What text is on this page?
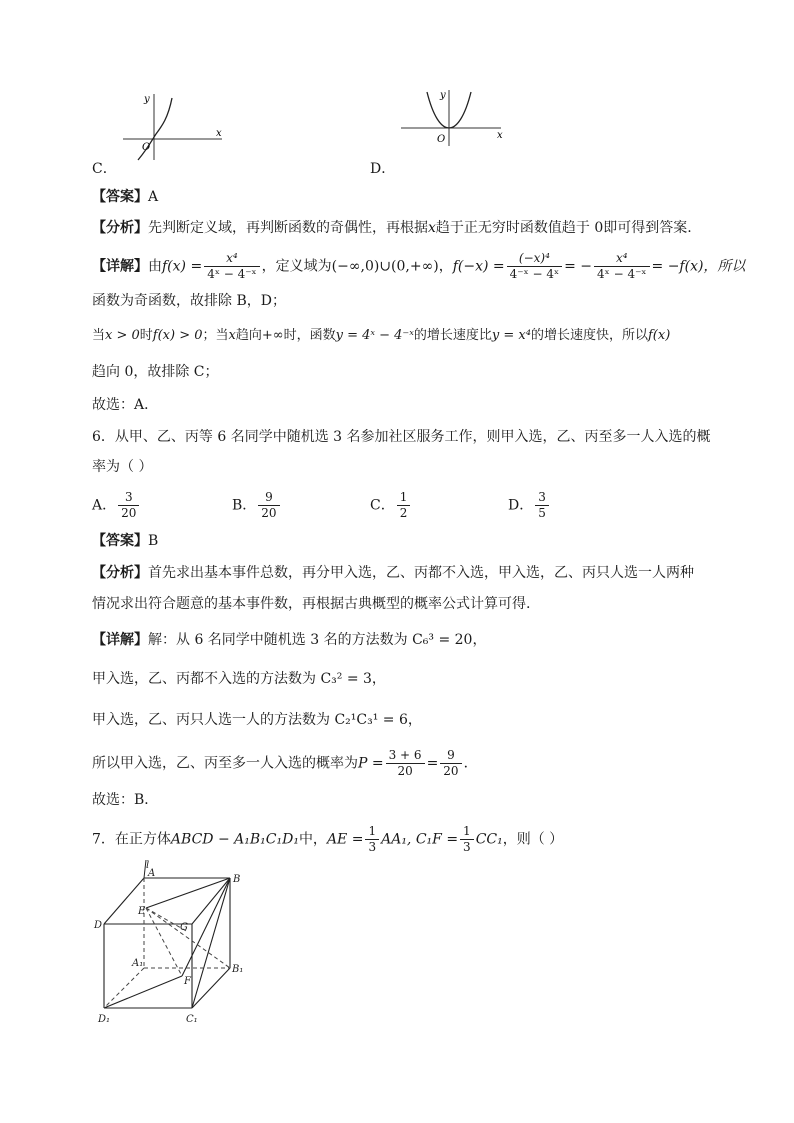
y
x
O
C．
y
x
O
D．
【答案】A
【分析】先判断定义域，再判断函数的奇偶性，再根据x趋于正无穷时函数值趋于 0即可得到答案.
【详解】由$f(x) = \frac{\text{x⁴}}{\text{4ˣ − 4⁻ˣ}}$ ，定义域为(−∞,0)∪(0,+∞)，$f(-x) = \frac{\text{(−x)⁴}}{\text{4⁻ˣ − 4ˣ}}$ = − $\frac{\text{x⁴}}{\text{4ˣ − 4⁻ˣ}} = -f(x)$，所以
函数为奇函数，故排除 B，D；
当x > 0时f(x) > 0；当x趋向+∞时，函数y = 4ˣ − 4⁻ˣ的增长速度比y = x⁴的增长速度快，所以f(x)
趋向 0，故排除 C；
故选：A．
6．从甲、乙、丙等 6 名同学中随机选 3 名参加社区服务工作，则甲入选，乙、丙至多一人入选的概
率为（ ）
A． $\frac{3}{20}$	B． $\frac{9}{20}$	C． $\frac{1}{2}$	D． $\frac{3}{5}$
【答案】B
【分析】首先求出基本事件总数，再分甲入选，乙、丙都不入选，甲入选，乙、丙只人选一人两种
情况求出符合题意的基本事件数，再根据古典概型的概率公式计算可得.
【详解】解：从 6 名同学中随机选 3 名的方法数为 C₆³ = 20，
甲入选，乙、丙都不入选的方法数为 C₃² = 3，
甲入选，乙、丙只人选一人的方法数为 C₂¹C₃¹ = 6，
所以甲入选，乙、丙至多一人入选的概率为$P = \frac{3 + 6}{20} = \frac{9}{20}$ ．
故选：B．
7．在正方体ABCD − A₁B₁C₁D₁中，AE = $\frac{1}{3} AA_1$, $C_1F = \frac{1}{3} CC_1$，则（ ）
l
A
B
D
E
G
A₁
B₁
F
D₁	C₁
